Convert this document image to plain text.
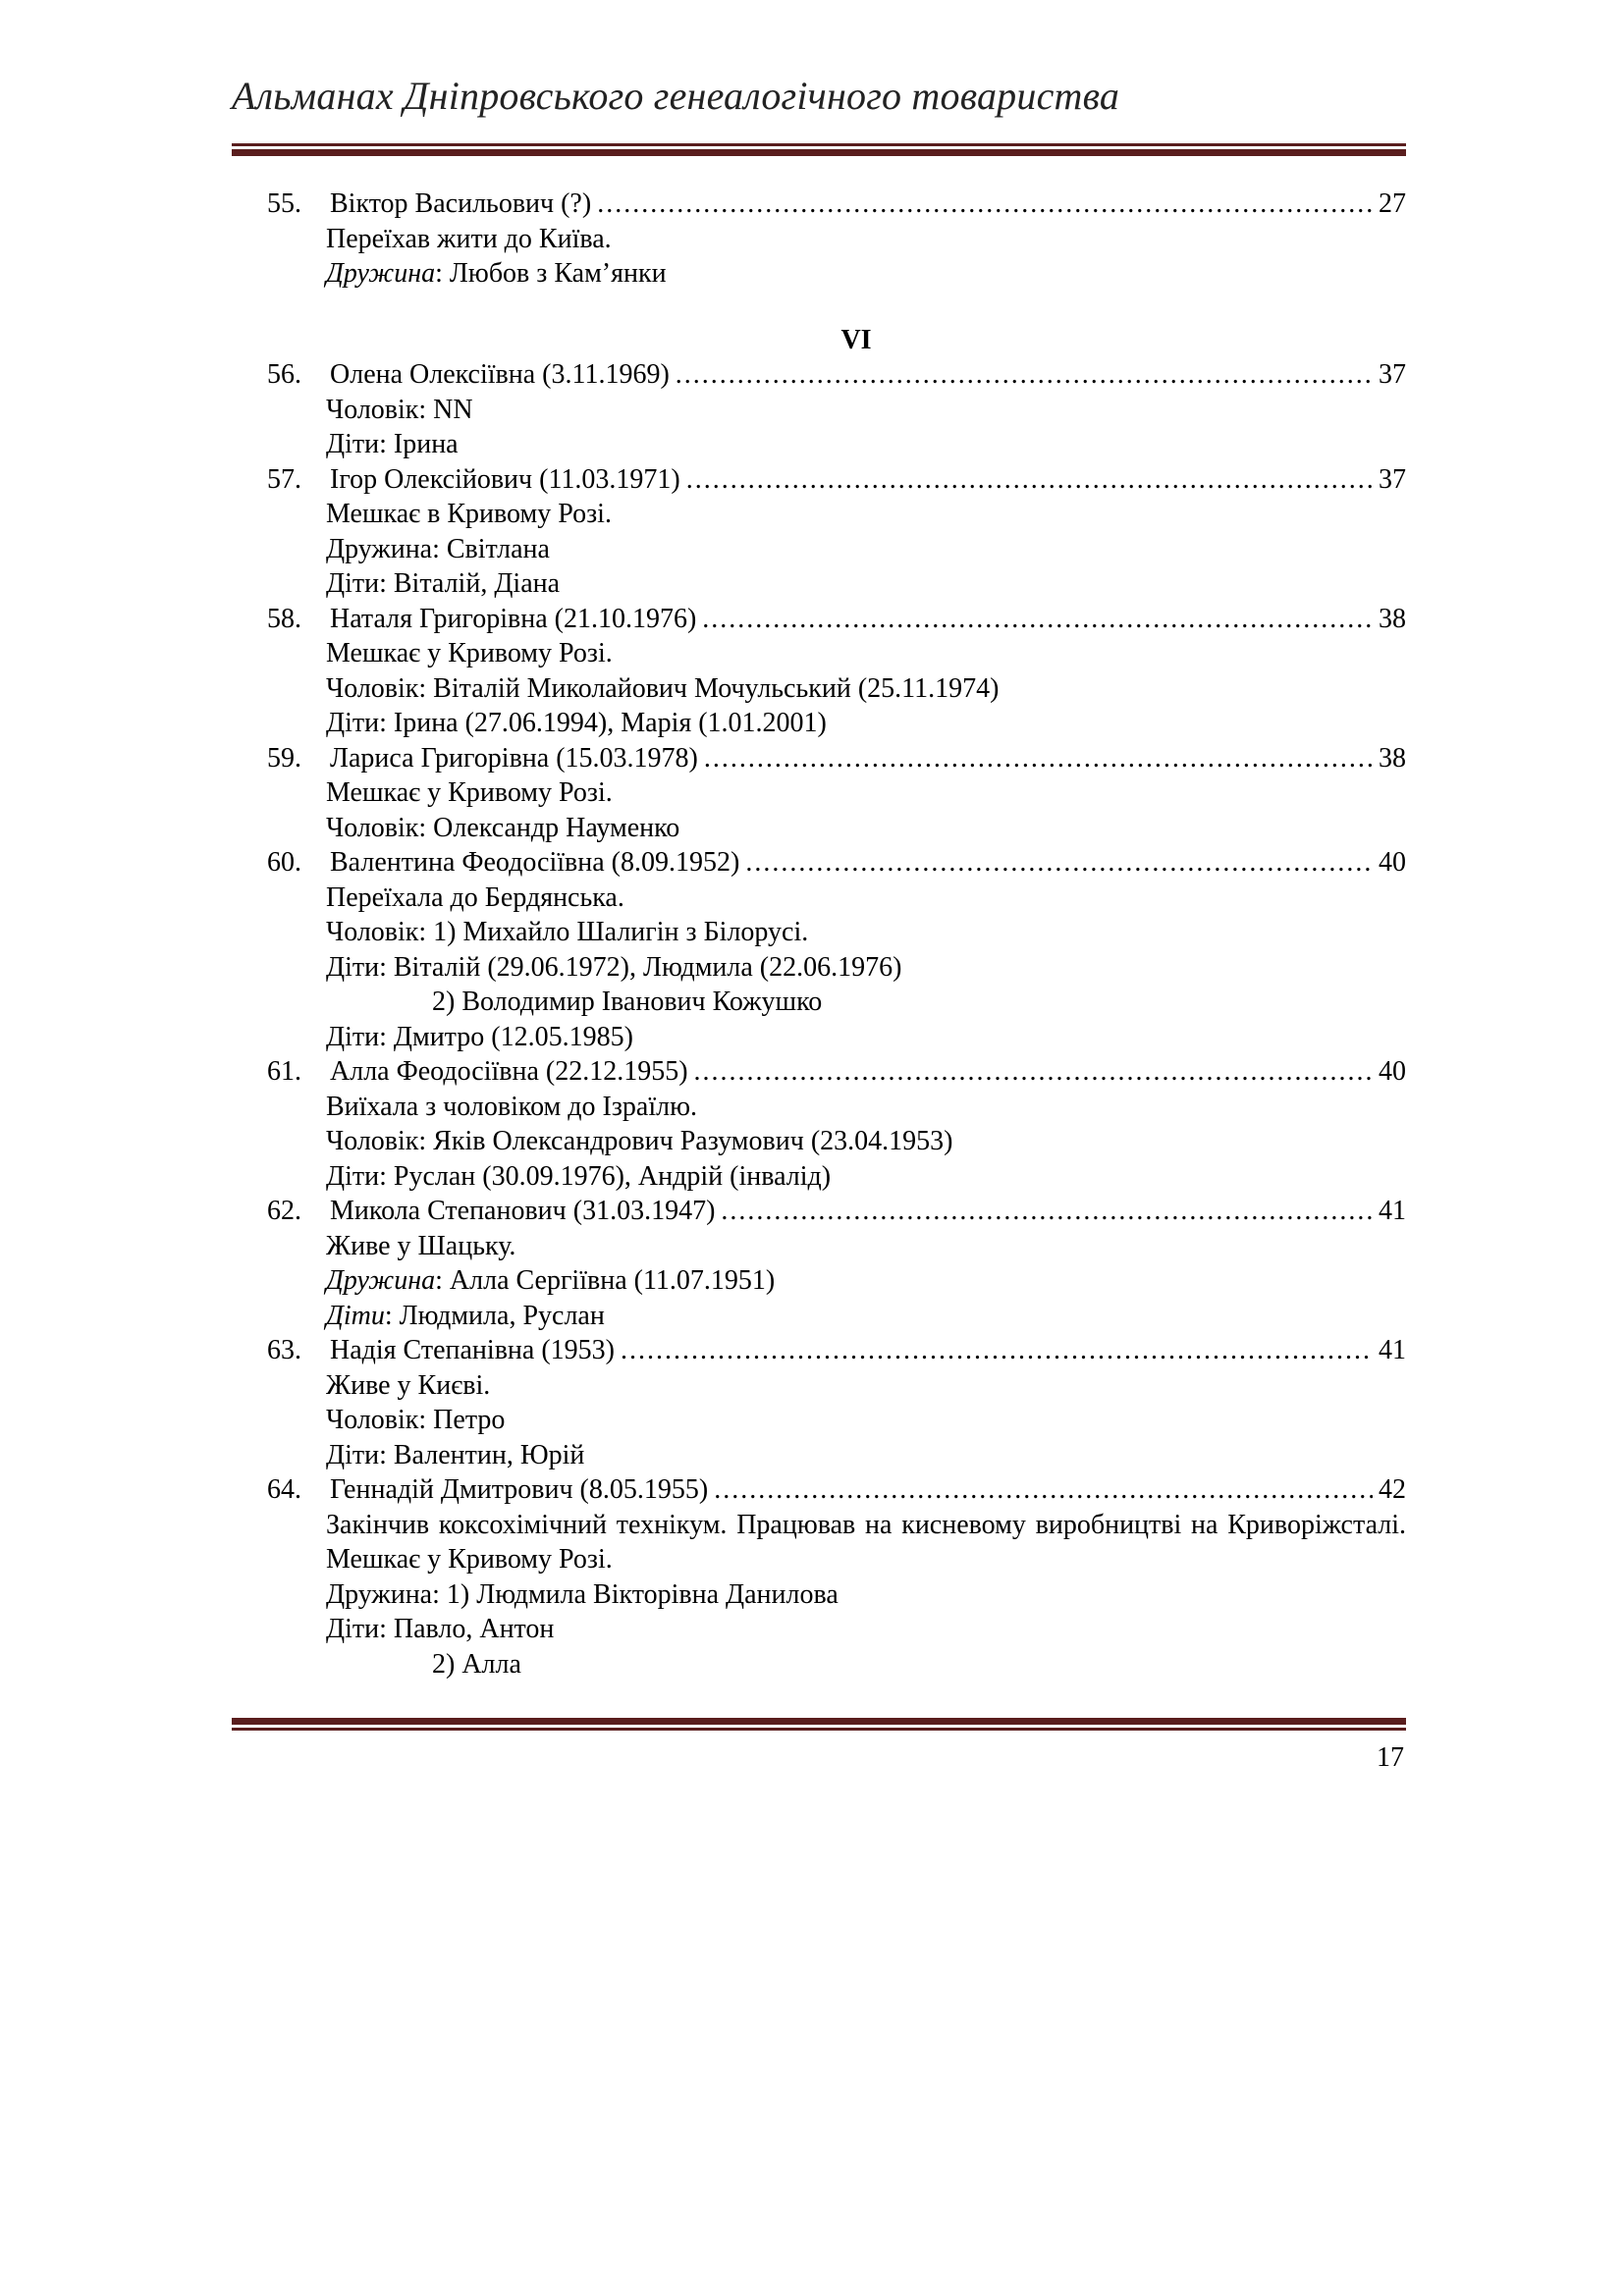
Альманах Дніпровського генеалогічного товариства
55.	Віктор Васильович (?) .....	27
Переїхав жити до Київа.
Дружина: Любов з Кам’янки
VI
56.	Олена Олексіївна (3.11.1969) .....	37
Чоловік: NN
Діти: Ірина
57.	Ігор Олексійович (11.03.1971) .....	37
Мешкає в Кривому Розі.
Дружина: Світлана
Діти: Віталій, Діана
58.	Наталя Григорівна (21.10.1976) .....	38
Мешкає у Кривому Розі.
Чоловік: Віталій Миколайович Мочульський (25.11.1974)
Діти: Ірина (27.06.1994), Марія (1.01.2001)
59.	Лариса Григорівна (15.03.1978) .....	38
Мешкає у Кривому Розі.
Чоловік: Олександр Науменко
60.	Валентина Феодосіївна (8.09.1952) .....	40
Переїхала до Бердянська.
Чоловік: 1) Михайло Шалигін з Білорусі.
Діти: Віталій (29.06.1972), Людмила (22.06.1976)
2) Володимир Іванович Кожушко
Діти: Дмитро (12.05.1985)
61.	Алла Феодосіївна (22.12.1955) .....	40
Виїхала з чоловіком до Ізраїлю.
Чоловік: Яків Олександрович Разумович (23.04.1953)
Діти: Руслан (30.09.1976), Андрій (інвалід)
62.	Микола Степанович (31.03.1947) .....	41
Живе у Шацьку.
Дружина: Алла Сергіївна (11.07.1951)
Діти: Людмила, Руслан
63.	Надія Степанівна (1953) .....	41
Живе у Києві.
Чоловік: Петро
Діти: Валентин, Юрій
64.	Геннадій Дмитрович (8.05.1955) .....	42
Закінчив коксохімічний технікум. Працював на кисневому виробництві на Криворіжсталі. Мешкає у Кривому Розі.
Дружина: 1) Людмила Вікторівна Данилова
Діти: Павло, Антон
2) Алла
17
